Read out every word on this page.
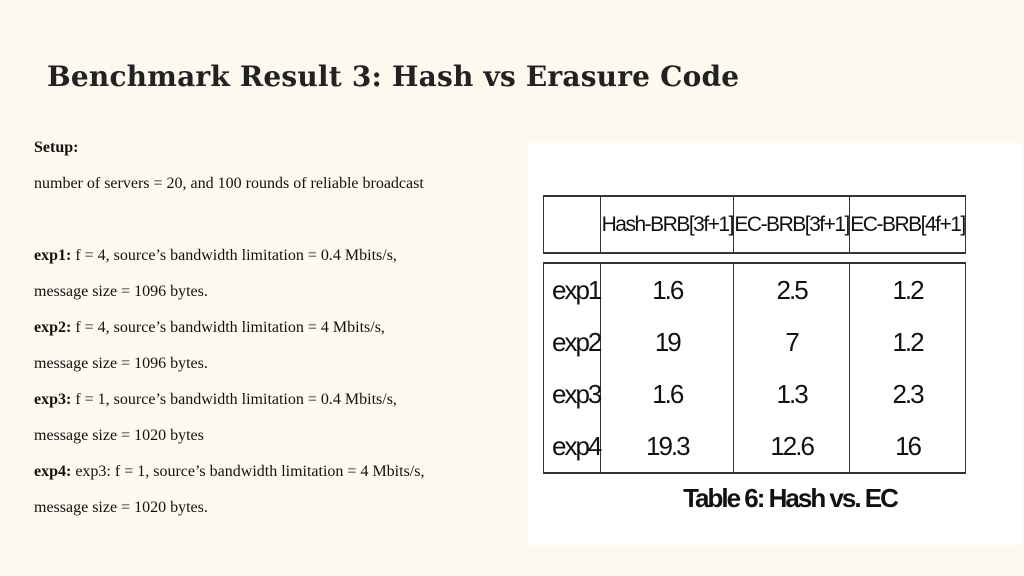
Benchmark Result 3: Hash vs Erasure Code
Setup:
number of servers = 20, and 100 rounds of reliable broadcast
exp1: f = 4, source’s bandwidth limitation = 0.4 Mbits/s,
message size = 1096 bytes.
exp2: f = 4, source’s bandwidth limitation = 4 Mbits/s,
message size = 1096 bytes.
exp3: f = 1, source’s bandwidth limitation = 0.4 Mbits/s,
message size = 1020 bytes
exp4: exp3: f = 1, source’s bandwidth limitation = 4 Mbits/s,
message size = 1020 bytes.
	Hash-BRB[3f+1]	EC-BRB[3f+1]	EC-BRB[4f+1]

exp1	1.6	2.5	1.2
exp2	19	7	1.2
exp3	1.6	1.3	2.3
exp4	19.3	12.6	16
Table 6: Hash vs. EC
